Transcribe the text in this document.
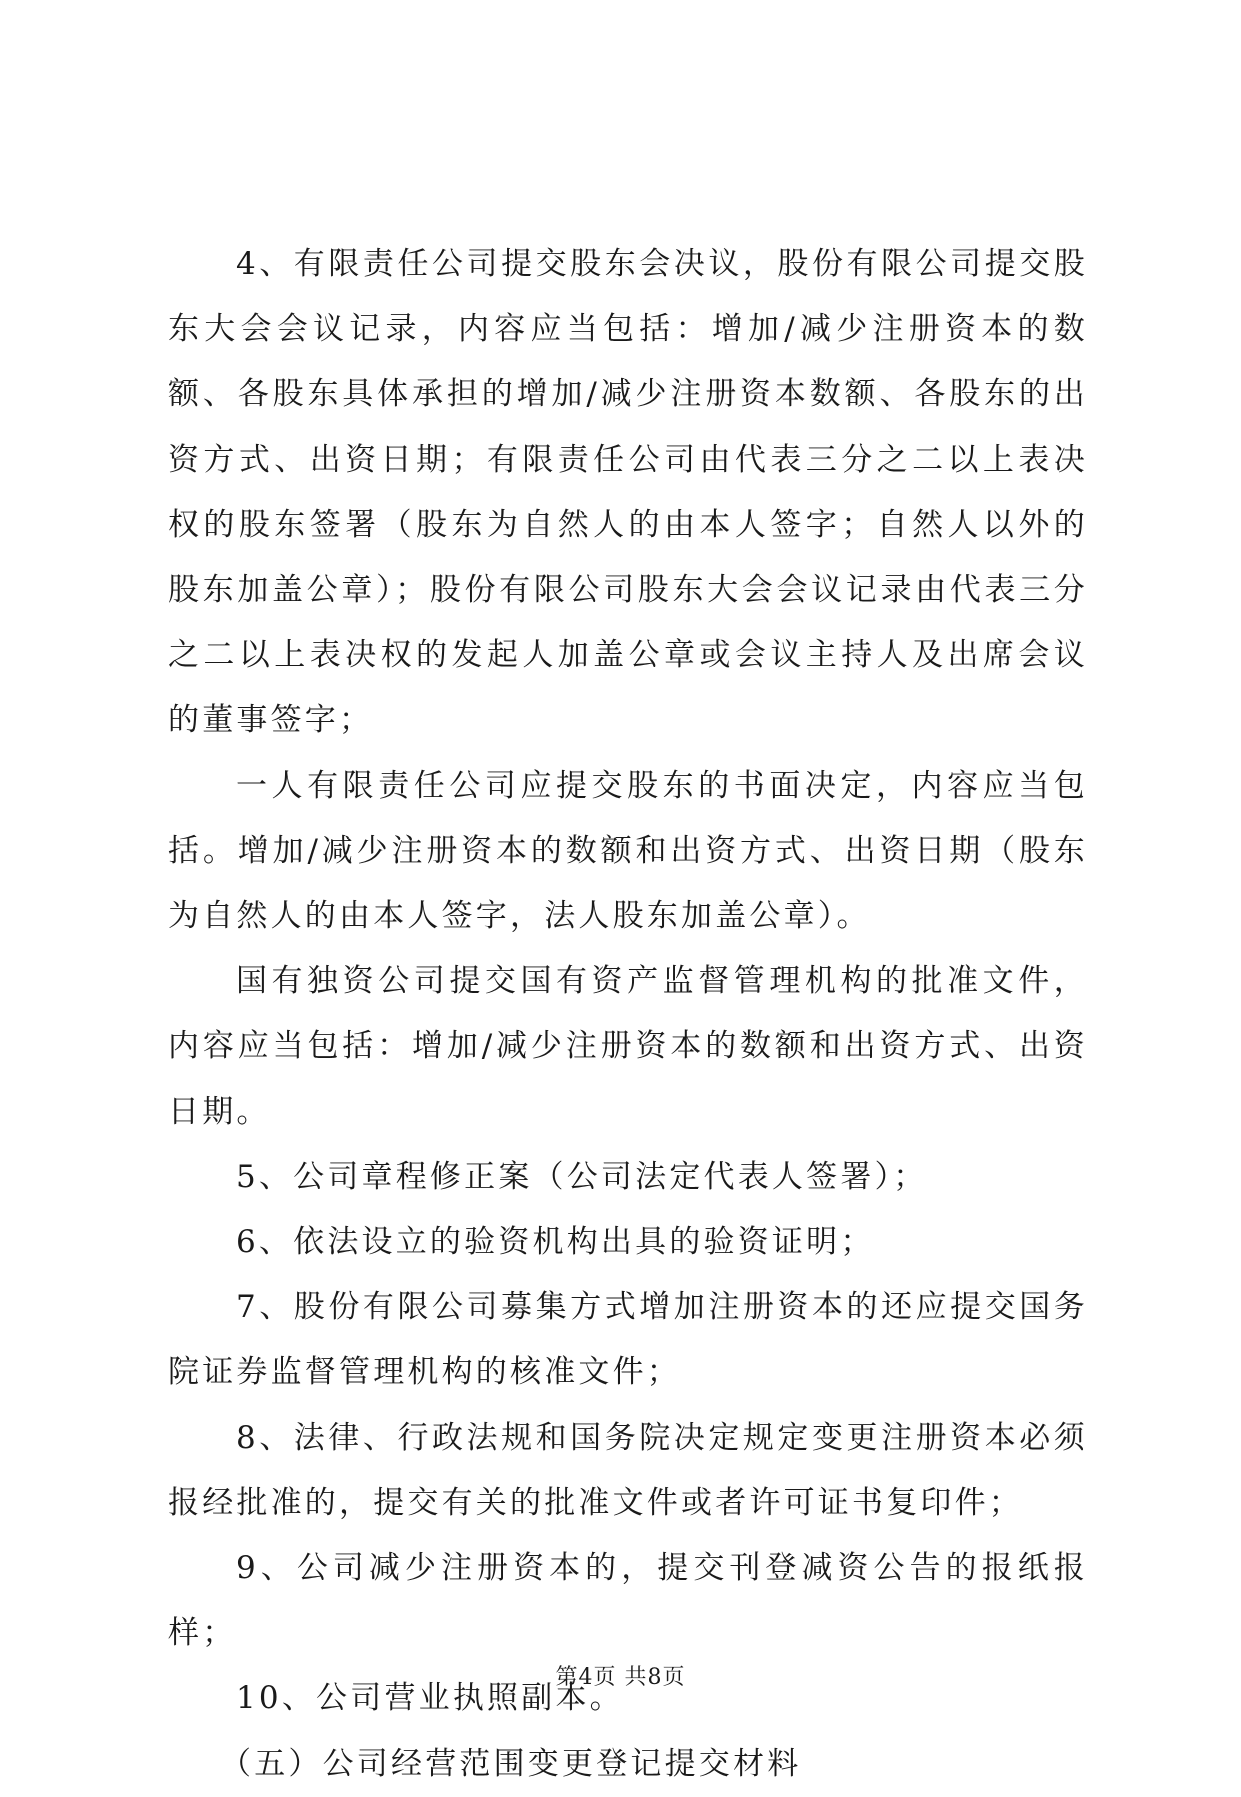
4、有限责任公司提交股东会决议，股份有限公司提交股东大会会议记录，内容应当包括：增加/减少注册资本的数额、各股东具体承担的增加/减少注册资本数额、各股东的出资方式、出资日期；有限责任公司由代表三分之二以上表决权的股东签署（股东为自然人的由本人签字；自然人以外的股东加盖公章）；股份有限公司股东大会会议记录由代表三分之二以上表决权的发起人加盖公章或会议主持人及出席会议的董事签字；

一人有限责任公司应提交股东的书面决定，内容应当包括。增加/减少注册资本的数额和出资方式、出资日期（股东为自然人的由本人签字，法人股东加盖公章）。

国有独资公司提交国有资产监督管理机构的批准文件，内容应当包括：增加/减少注册资本的数额和出资方式、出资日期。

5、公司章程修正案（公司法定代表人签署）；

6、依法设立的验资机构出具的验资证明；

7、股份有限公司募集方式增加注册资本的还应提交国务院证券监督管理机构的核准文件；

8、法律、行政法规和国务院决定规定变更注册资本必须报经批准的，提交有关的批准文件或者许可证书复印件；

9、公司减少注册资本的，提交刊登减资公告的报纸报样；

10、公司营业执照副本。

（五）公司经营范围变更登记提交材料

第4页 共8页
